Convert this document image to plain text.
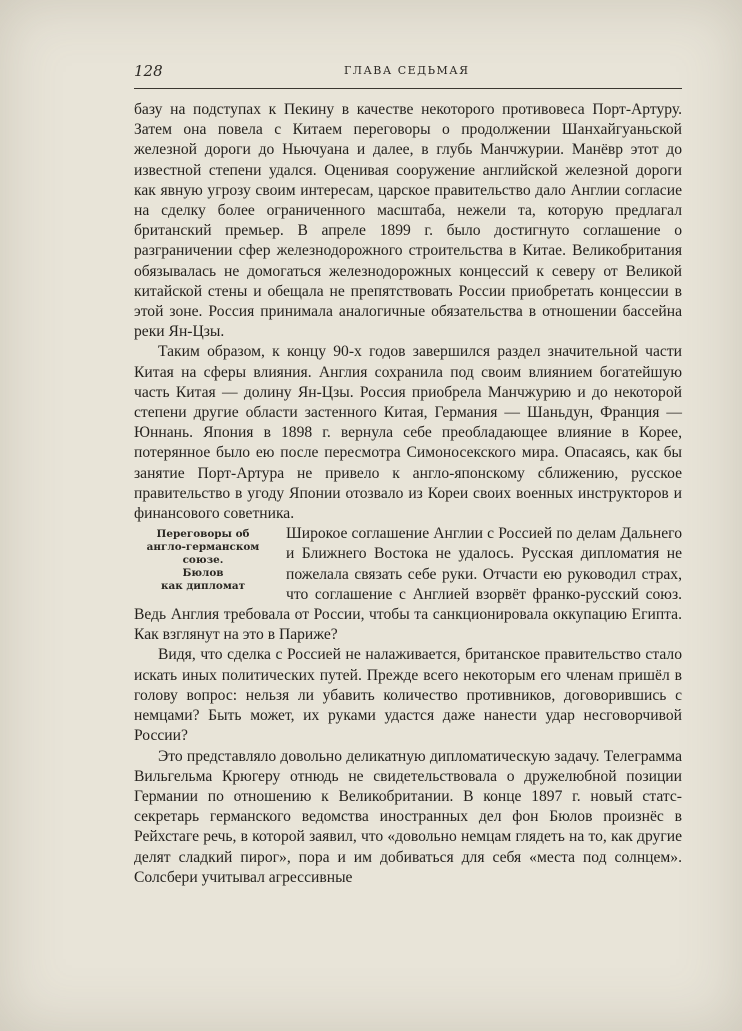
128	ГЛАВА СЕДЬМАЯ

базу на подступах к Пекину в качестве некоторого противовеса Порт-Артуру. Затем она повела с Китаем переговоры о продолжении Шанхайгуаньской железной дороги до Ньючуана и далее, в глубь Манчжурии. Манёвр этот до известной степени удался. Оценивая сооружение английской железной дороги как явную угрозу своим интересам, царское правительство дало Англии согласие на сделку более ограниченного масштаба, нежели та, которую предлагал британский премьер. В апреле 1899 г. было достигнуто соглашение о разграничении сфер железнодорожного строительства в Китае. Великобритания обязывалась не домогаться железнодорожных концессий к северу от Великой китайской стены и обещала не препятствовать России приобретать концессии в этой зоне. Россия принимала аналогичные обязательства в отношении бассейна реки Ян-Цзы.

Таким образом, к концу 90-х годов завершился раздел значительной части Китая на сферы влияния. Англия сохранила под своим влиянием богатейшую часть Китая — долину Ян-Цзы. Россия приобрела Манчжурию и до некоторой степени другие области застенного Китая, Германия — Шаньдун, Франция — Юннань. Япония в 1898 г. вернула себе преобладающее влияние в Корее, потерянное было ею после пересмотра Симоносекского мира. Опасаясь, как бы занятие Порт-Артура не привело к англо-японскому сближению, русское правительство в угоду Японии отозвало из Кореи своих военных инструкторов и финансового советника.

Переговоры об
англо-германском
союзе.
Бюлов
как дипломат

Широкое соглашение Англии с Россией по делам Дальнего и Ближнего Востока не удалось. Русская дипломатия не пожелала связать себе руки. Отчасти ею руководил страх, что соглашение с Англией взорвёт франко-русский союз. Ведь Англия требовала от России, чтобы та санкционировала оккупацию Египта. Как взглянут на это в Париже?

Видя, что сделка с Россией не налаживается, британское правительство стало искать иных политических путей. Прежде всего некоторым его членам пришёл в голову вопрос: нельзя ли убавить количество противников, договорившись с немцами? Быть может, их руками удастся даже нанести удар несговорчивой России?

Это представляло довольно деликатную дипломатическую задачу. Телеграмма Вильгельма Крюгеру отнюдь не свидетельствовала о дружелюбной позиции Германии по отношению к Великобритании. В конце 1897 г. новый статс-секретарь германского ведомства иностранных дел фон Бюлов произнёс в Рейхстаге речь, в которой заявил, что «довольно немцам глядеть на то, как другие делят сладкий пирог», пора и им добиваться для себя «места под солнцем». Солсбери учитывал агрессивные
